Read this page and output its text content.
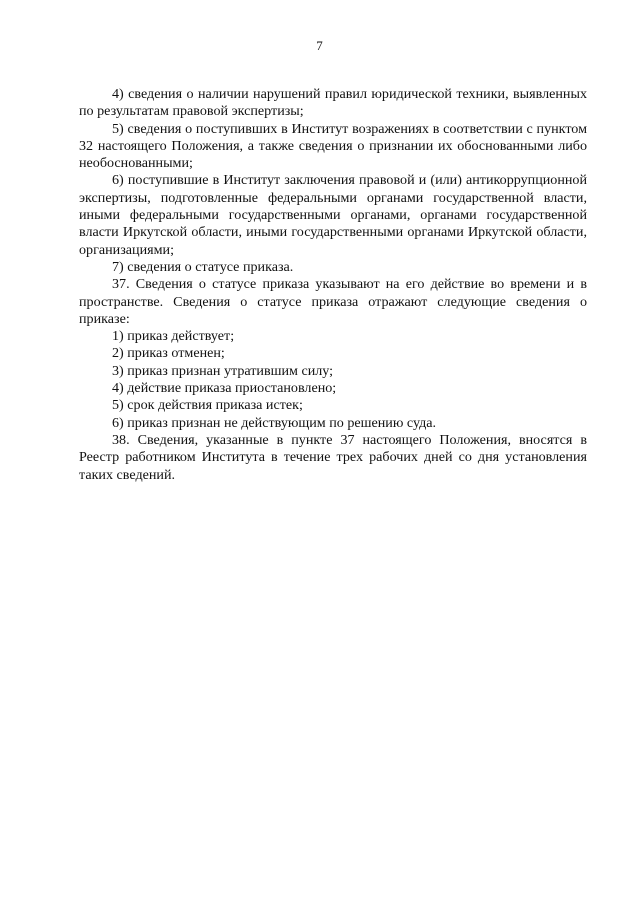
7

4) сведения о наличии нарушений правил юридической техники, выявленных по результатам правовой экспертизы;

5) сведения о поступивших в Институт возражениях в соответствии с пунктом 32 настоящего Положения, а также сведения о признании их обоснованными либо необоснованными;

6) поступившие в Институт заключения правовой и (или) антикоррупционной экспертизы, подготовленные федеральными органами государственной власти, иными федеральными государственными органами, органами государственной власти Иркутской области, иными государственными органами Иркутской области, организациями;

7) сведения о статусе приказа.

37. Сведения о статусе приказа указывают на его действие во времени и в пространстве. Сведения о статусе приказа отражают следующие сведения о приказе:

1) приказ действует;

2) приказ отменен;

3) приказ признан утратившим силу;

4) действие приказа приостановлено;

5) срок действия приказа истек;

6) приказ признан не действующим по решению суда.

38. Сведения, указанные в пункте 37 настоящего Положения, вносятся в Реестр работником Института в течение трех рабочих дней со дня установления таких сведений.
